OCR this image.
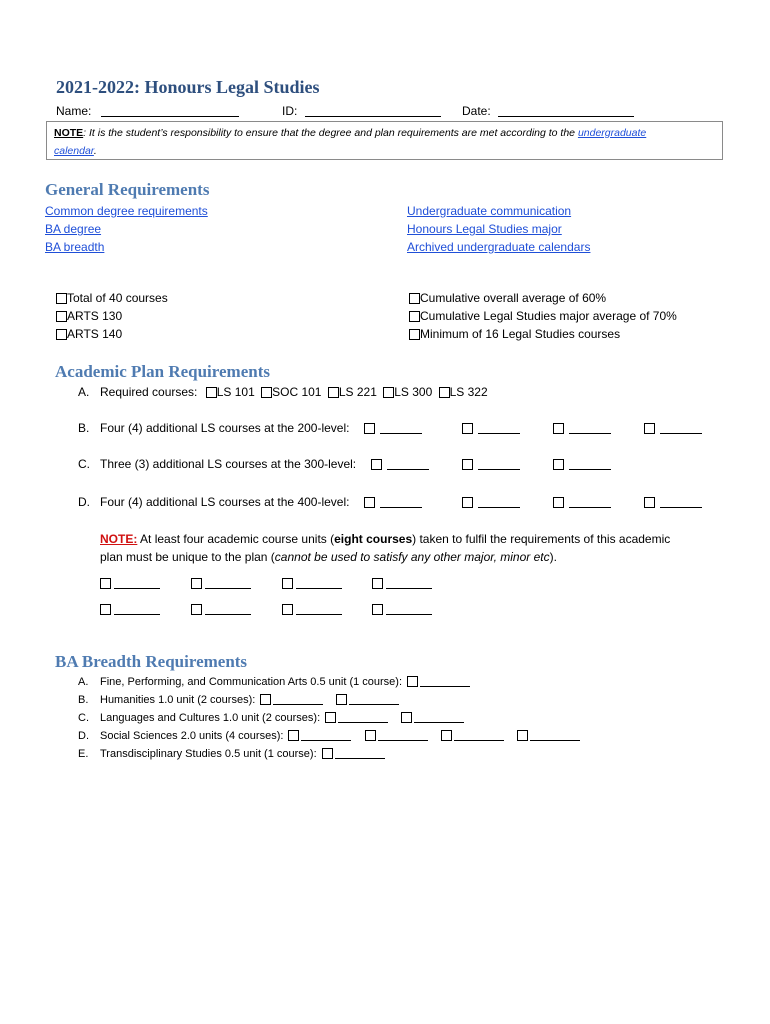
2021-2022: Honours Legal Studies
Name:	ID:	Date:
NOTE: It is the student’s responsibility to ensure that the degree and plan requirements are met according to the undergraduate
calendar.
General Requirements
Common degree requirements
BA degree
BA breadth
Undergraduate communication
Honours Legal Studies major
Archived undergraduate calendars
Total of 40 courses
ARTS 130
ARTS 140
Cumulative overall average of 60%
Cumulative Legal Studies major average of 70%
Minimum of 16 Legal Studies courses
Academic Plan Requirements
A. Required courses: LS 101 SOC 101 LS 221 LS 300 LS 322
B. Four (4) additional LS courses at the 200-level:
C. Three (3) additional LS courses at the 300-level:
D. Four (4) additional LS courses at the 400-level:
NOTE: At least four academic course units (eight courses) taken to fulfil the requirements of this academic
plan must be unique to the plan (cannot be used to satisfy any other major, minor etc).
BA Breadth Requirements
A. Fine, Performing, and Communication Arts 0.5 unit (1 course):
B. Humanities 1.0 unit (2 courses):
C. Languages and Cultures 1.0 unit (2 courses):
D. Social Sciences 2.0 units (4 courses):
E. Transdisciplinary Studies 0.5 unit (1 course):
